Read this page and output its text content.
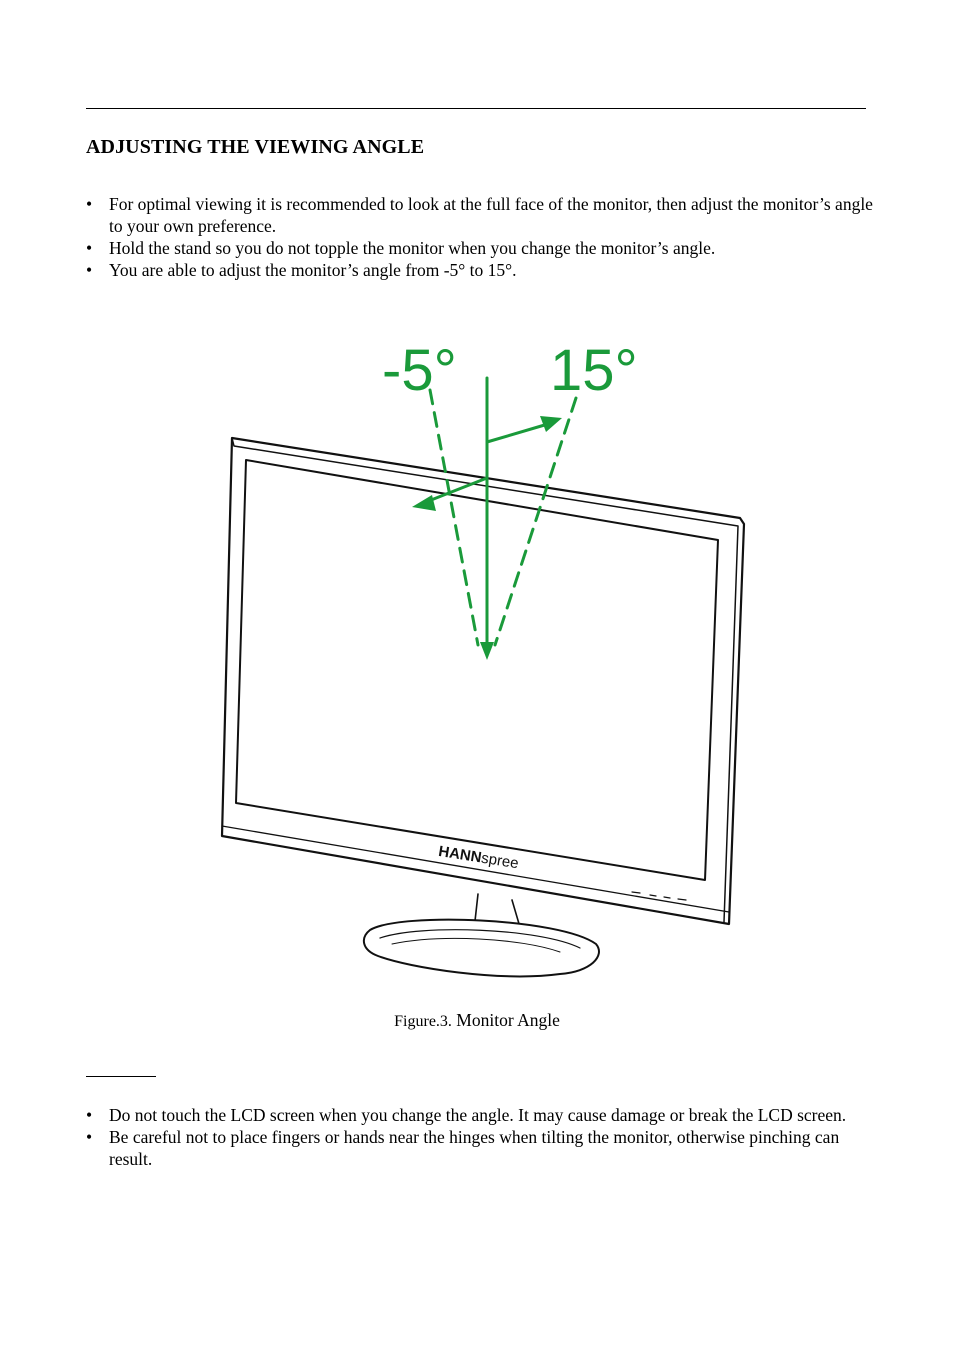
ADJUSTING THE VIEWING ANGLE
• For optimal viewing it is recommended to look at the full face of the monitor, then adjust the monitor’s angle to your own preference.
• Hold the stand so you do not topple the monitor when you change the monitor’s angle.
• You are able to adjust the monitor’s angle from -5° to 15°.
HANNspree
-5° 15°
Figure.3. Monitor Angle
• Do not touch the LCD screen when you change the angle. It may cause damage or break the LCD screen.
• Be careful not to place fingers or hands near the hinges when tilting the monitor, otherwise pinching can result.
